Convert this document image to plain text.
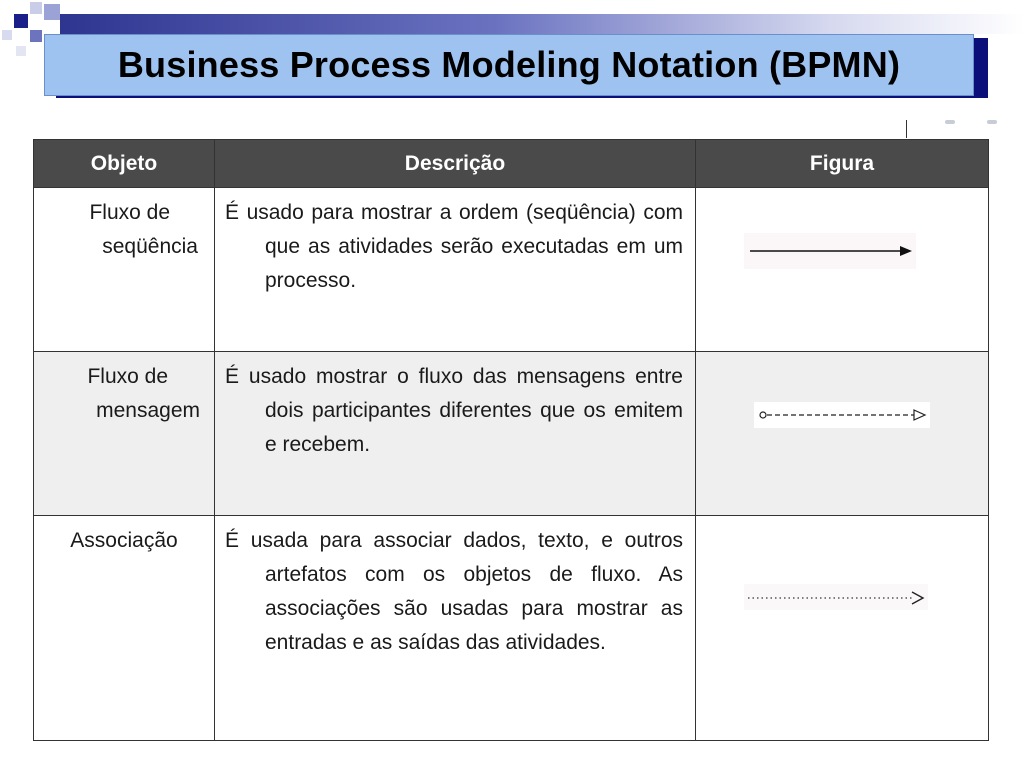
Business Process Modeling Notation (BPMN)
Objeto	Descrição	Figura

Fluxo de
seqüência	É usado para mostrar a ordem (seqüência) com que as atividades serão executadas em um processo.

Fluxo de
mensagem	É usado mostrar o fluxo das mensagens entre dois participantes diferentes que os emitem e recebem.

Associação	É usada para associar dados, texto, e outros artefatos com os objetos de fluxo. As associações são usadas para mostrar as entradas e as saídas das atividades.
